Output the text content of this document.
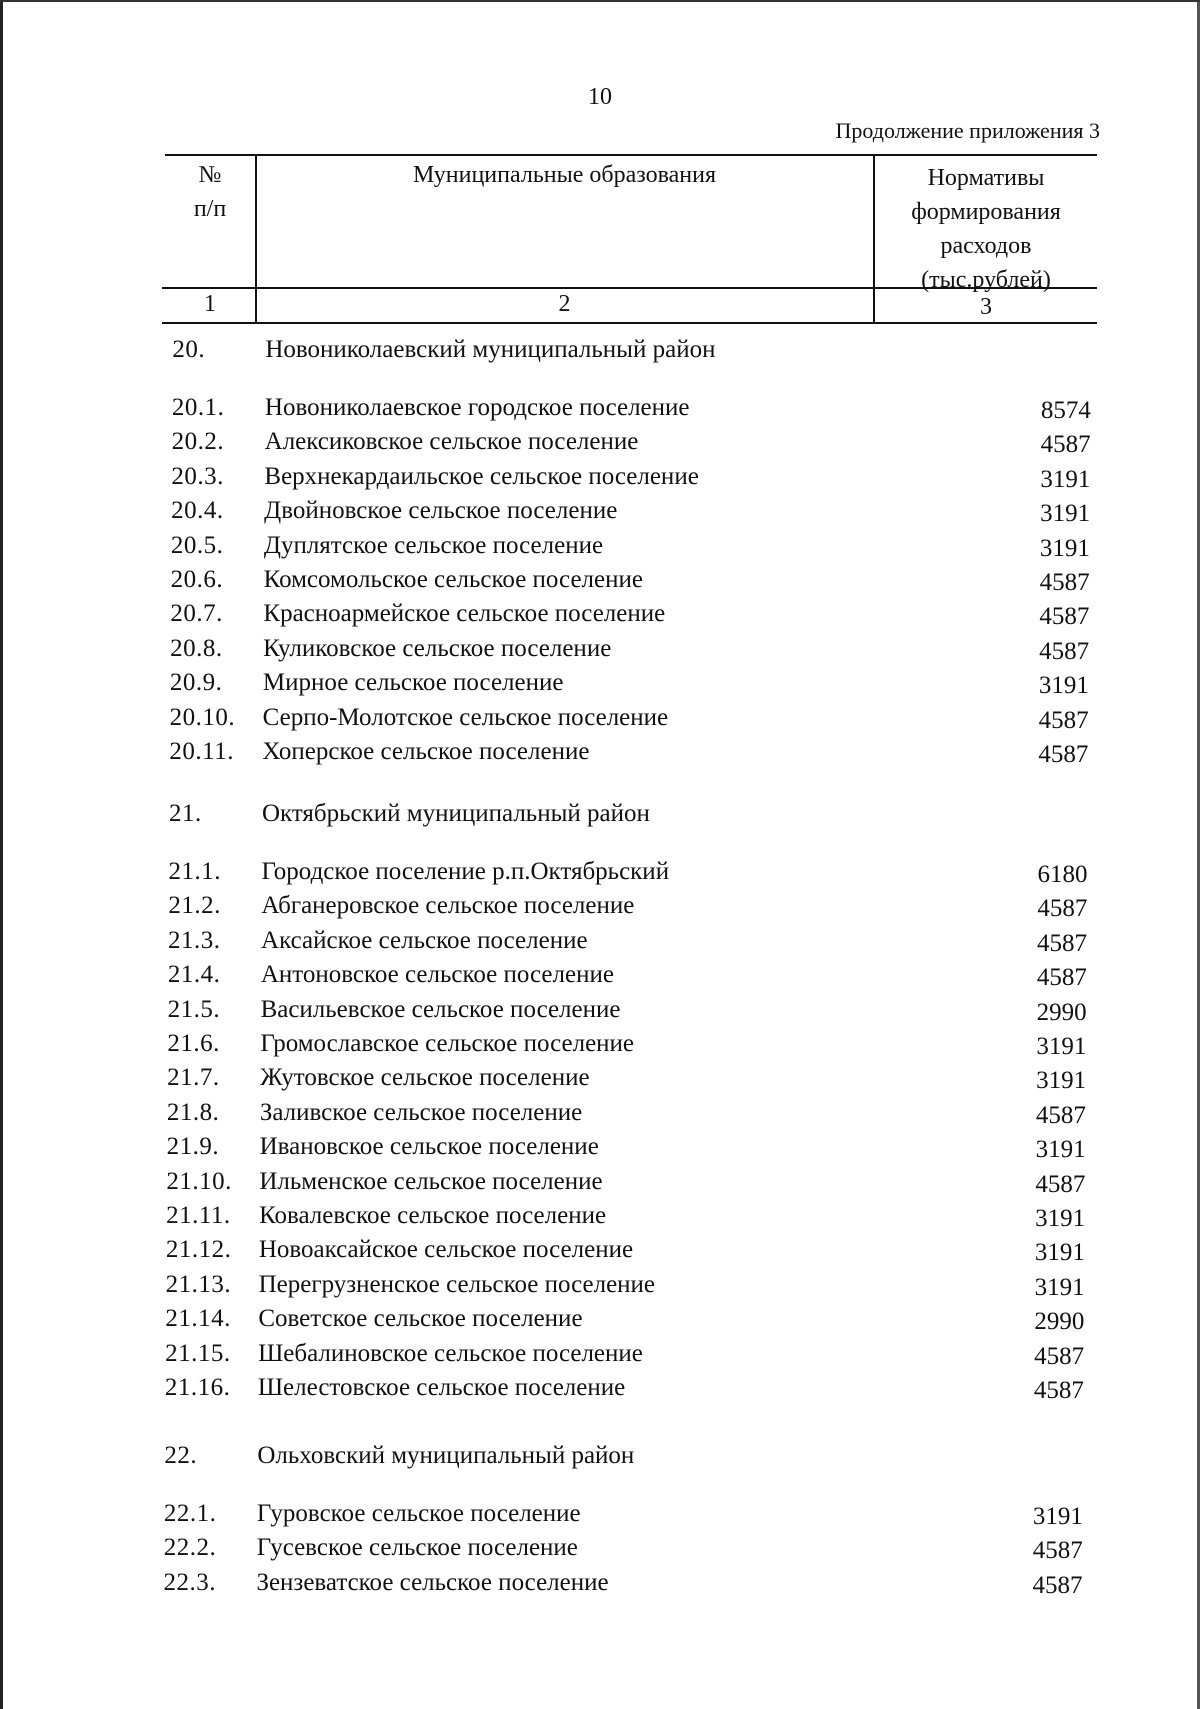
10
Продолжение приложения 3
№
п/п
Муниципальные образования	Нормативы
формирования
расходов
(тыс.рублей)
1	2	3
20. Новониколаевский муниципальный район
20.1. Новониколаевское городское поселение	8574
20.2. Алексиковское сельское поселение	4587
20.3. Верхнекардаильское сельское поселение	3191
20.4. Двойновское сельское поселение	3191
20.5. Дуплятское сельское поселение	3191
20.6. Комсомольское сельское поселение	4587
20.7. Красноармейское сельское поселение	4587
20.8. Куликовское сельское поселение	4587
20.9. Мирное сельское поселение	3191
20.10. Серпо-Молотское сельское поселение	4587
20.11. Хоперское сельское поселение	4587
21. Октябрьский муниципальный район
21.1. Городское поселение р.п.Октябрьский	6180
21.2. Абганеровское сельское поселение	4587
21.3. Аксайское сельское поселение	4587
21.4. Антоновское сельское поселение	4587
21.5. Васильевское сельское поселение	2990
21.6. Громославское сельское поселение	3191
21.7. Жутовское сельское поселение	3191
21.8. Заливское сельское поселение	4587
21.9. Ивановское сельское поселение	3191
21.10. Ильменское сельское поселение	4587
21.11. Ковалевское сельское поселение	3191
21.12. Новоаксайское сельское поселение	3191
21.13. Перегрузненское сельское поселение	3191
21.14. Советское сельское поселение	2990
21.15. Шебалиновское сельское поселение	4587
21.16. Шелестовское сельское поселение	4587
22. Ольховский муниципальный район
22.1. Гуровское сельское поселение	3191
22.2. Гусевское сельское поселение	4587
22.3. Зензеватское сельское поселение	4587
